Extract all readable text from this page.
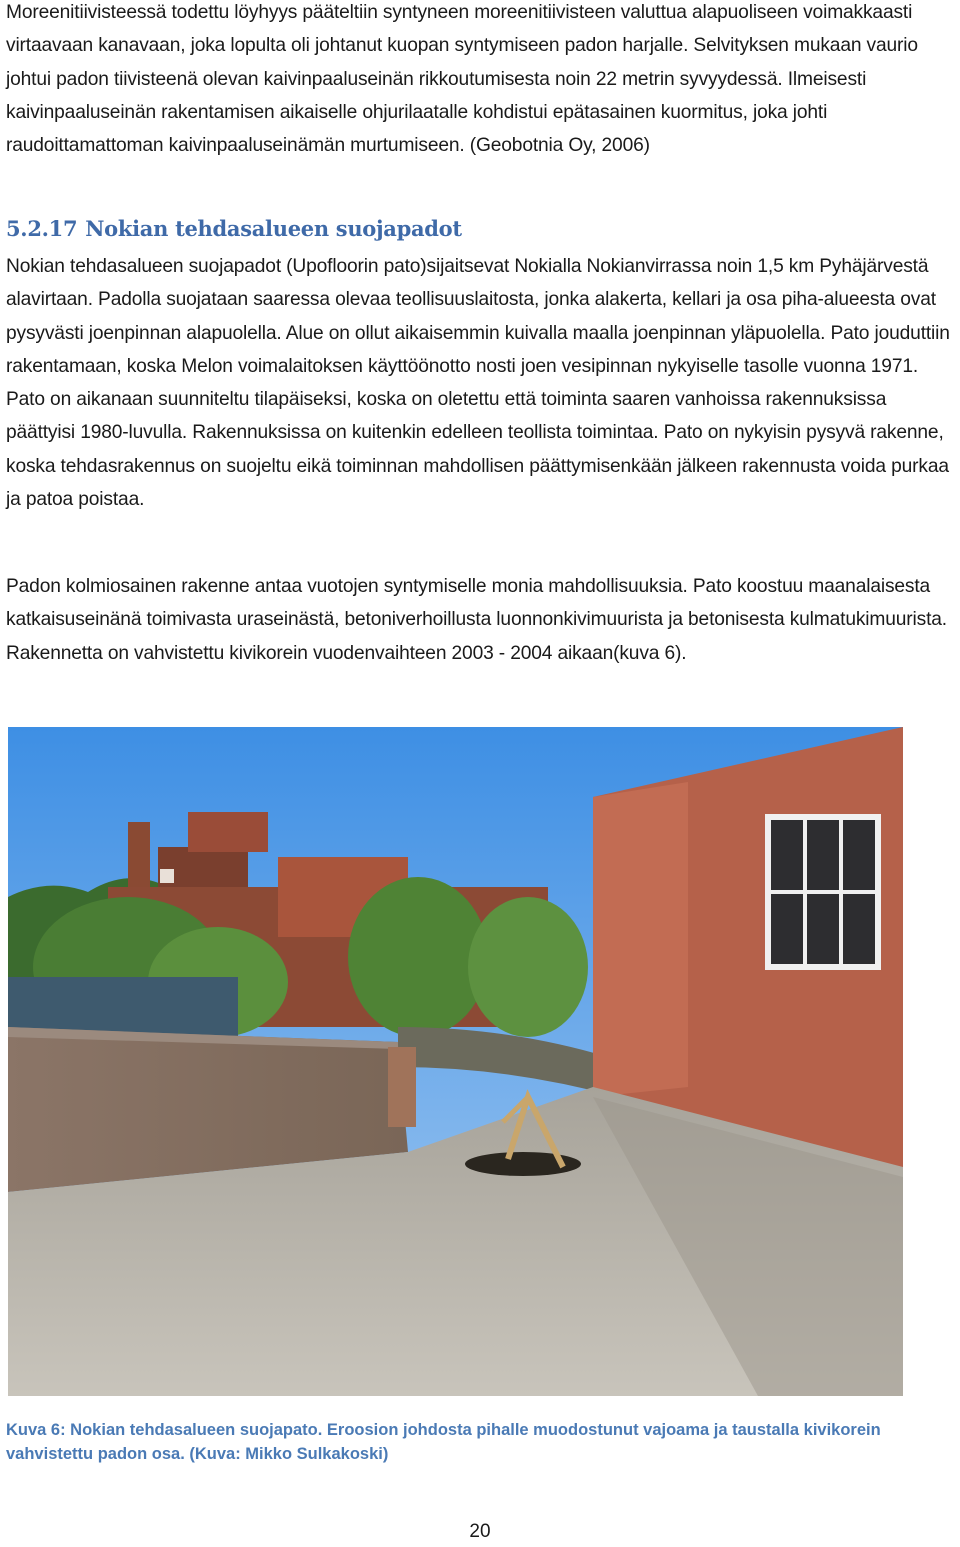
Moreenitiivisteessä todettu löyhyys pääteltiin syntyneen moreenitiivisteen valuttua alapuoliseen voimakkaasti virtaavaan kanavaan, joka lopulta oli johtanut kuopan syntymiseen padon harjalle. Selvityksen mukaan vaurio johtui padon tiivisteenä olevan kaivinpaaluseinän rikkoutumisesta noin 22 metrin syvyydessä. Ilmeisesti kaivinpaaluseinän rakentamisen aikaiselle ohjurilaatalle kohdistui epätasainen kuormitus, joka johti raudoittamattoman kaivinpaaluseinämän murtumiseen. (Geobotnia Oy, 2006)

5.2.17 Nokian tehdasalueen suojapadot

Nokian tehdasalueen suojapadot (Upofloorin pato)sijaitsevat Nokialla Nokianvirrassa noin 1,5 km Pyhäjärvestä alavirtaan. Padolla suojataan saaressa olevaa teollisuuslaitosta, jonka alakerta, kellari ja osa piha-alueesta ovat pysyvästi joenpinnan alapuolella. Alue on ollut aikaisemmin kuivalla maalla joenpinnan yläpuolella. Pato jouduttiin rakentamaan, koska Melon voimalaitoksen käyttöönotto nosti joen vesipinnan nykyiselle tasolle vuonna 1971. Pato on aikanaan suunniteltu tilapäiseksi, koska on oletettu että toiminta saaren vanhoissa rakennuksissa päättyisi 1980-luvulla. Rakennuksissa on kuitenkin edelleen teollista toimintaa. Pato on nykyisin pysyvä rakenne, koska tehdasrakennus on suojeltu eikä toiminnan mahdollisen päättymisenkään jälkeen rakennusta voida purkaa ja patoa poistaa.

Padon kolmiosainen rakenne antaa vuotojen syntymiselle monia mahdollisuuksia. Pato koostuu maanalaisesta katkaisuseinänä toimivasta uraseinästä, betoniverhoillusta luonnonkivimuurista ja betonisesta kulmatukimuurista. Rakennetta on vahvistettu kivikorein vuodenvaihteen 2003 - 2004 aikaan(kuva 6).

Kuva 6: Nokian tehdasalueen suojapato. Eroosion johdosta pihalle muodostunut vajoama ja taustalla kivikorein vahvistettu padon osa. (Kuva: Mikko Sulkakoski)

20
